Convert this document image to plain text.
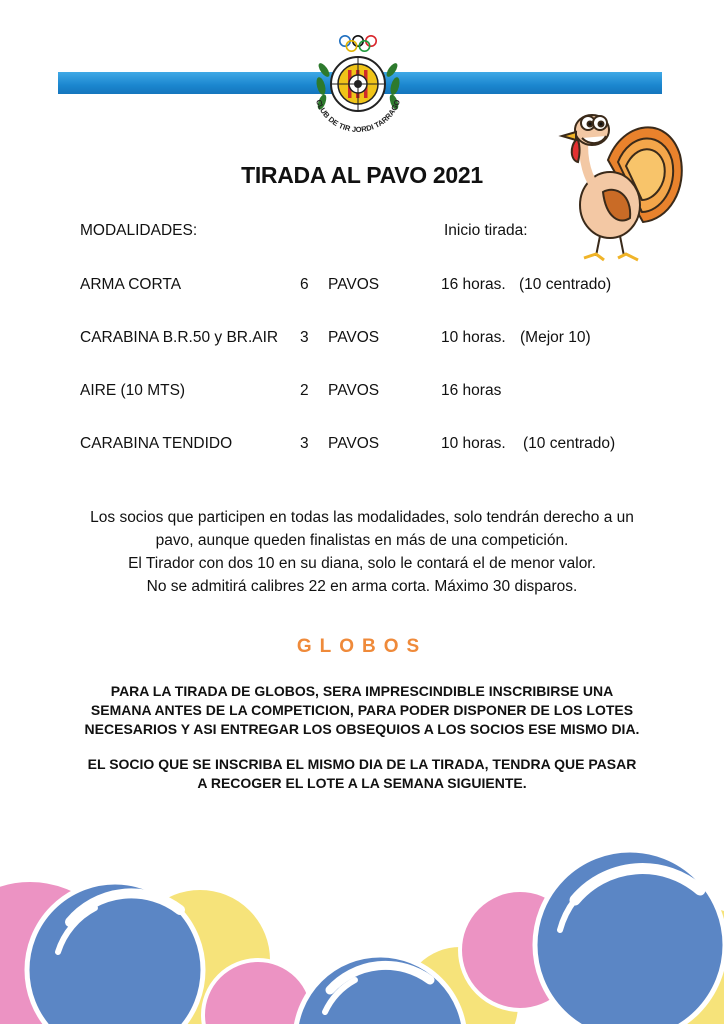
CLUB DE TIR JORDI TARRAGO
TIRADA AL PAVO 2021
MODALIDADES:	Inicio tirada:
ARMA CORTA	6 PAVOS	16 horas. (10 centrado)
CARABINA B.R.50 y BR.AIR 3 PAVOS	10 horas. (Mejor 10)
AIRE (10 MTS)	2 PAVOS	16 horas
CARABINA TENDIDO	3 PAVOS	10 horas. (10 centrado)
Los socios que participen en todas las modalidades, solo tendrán derecho a un
pavo, aunque queden finalistas en más de una competición.
El Tirador con dos 10 en su diana, solo le contará el de menor valor.
No se admitirá calibres 22 en arma corta. Máximo 30 disparos.
GLOBOS
PARA LA TIRADA DE GLOBOS, SERA IMPRESCINDIBLE INSCRIBIRSE UNA
SEMANA ANTES DE LA COMPETICION, PARA PODER DISPONER DE LOS LOTES
NECESARIOS Y ASI ENTREGAR LOS OBSEQUIOS A LOS SOCIOS ESE MISMO DIA.
EL SOCIO QUE SE INSCRIBA EL MISMO DIA DE LA TIRADA, TENDRA QUE PASAR
A RECOGER EL LOTE A LA SEMANA SIGUIENTE.
